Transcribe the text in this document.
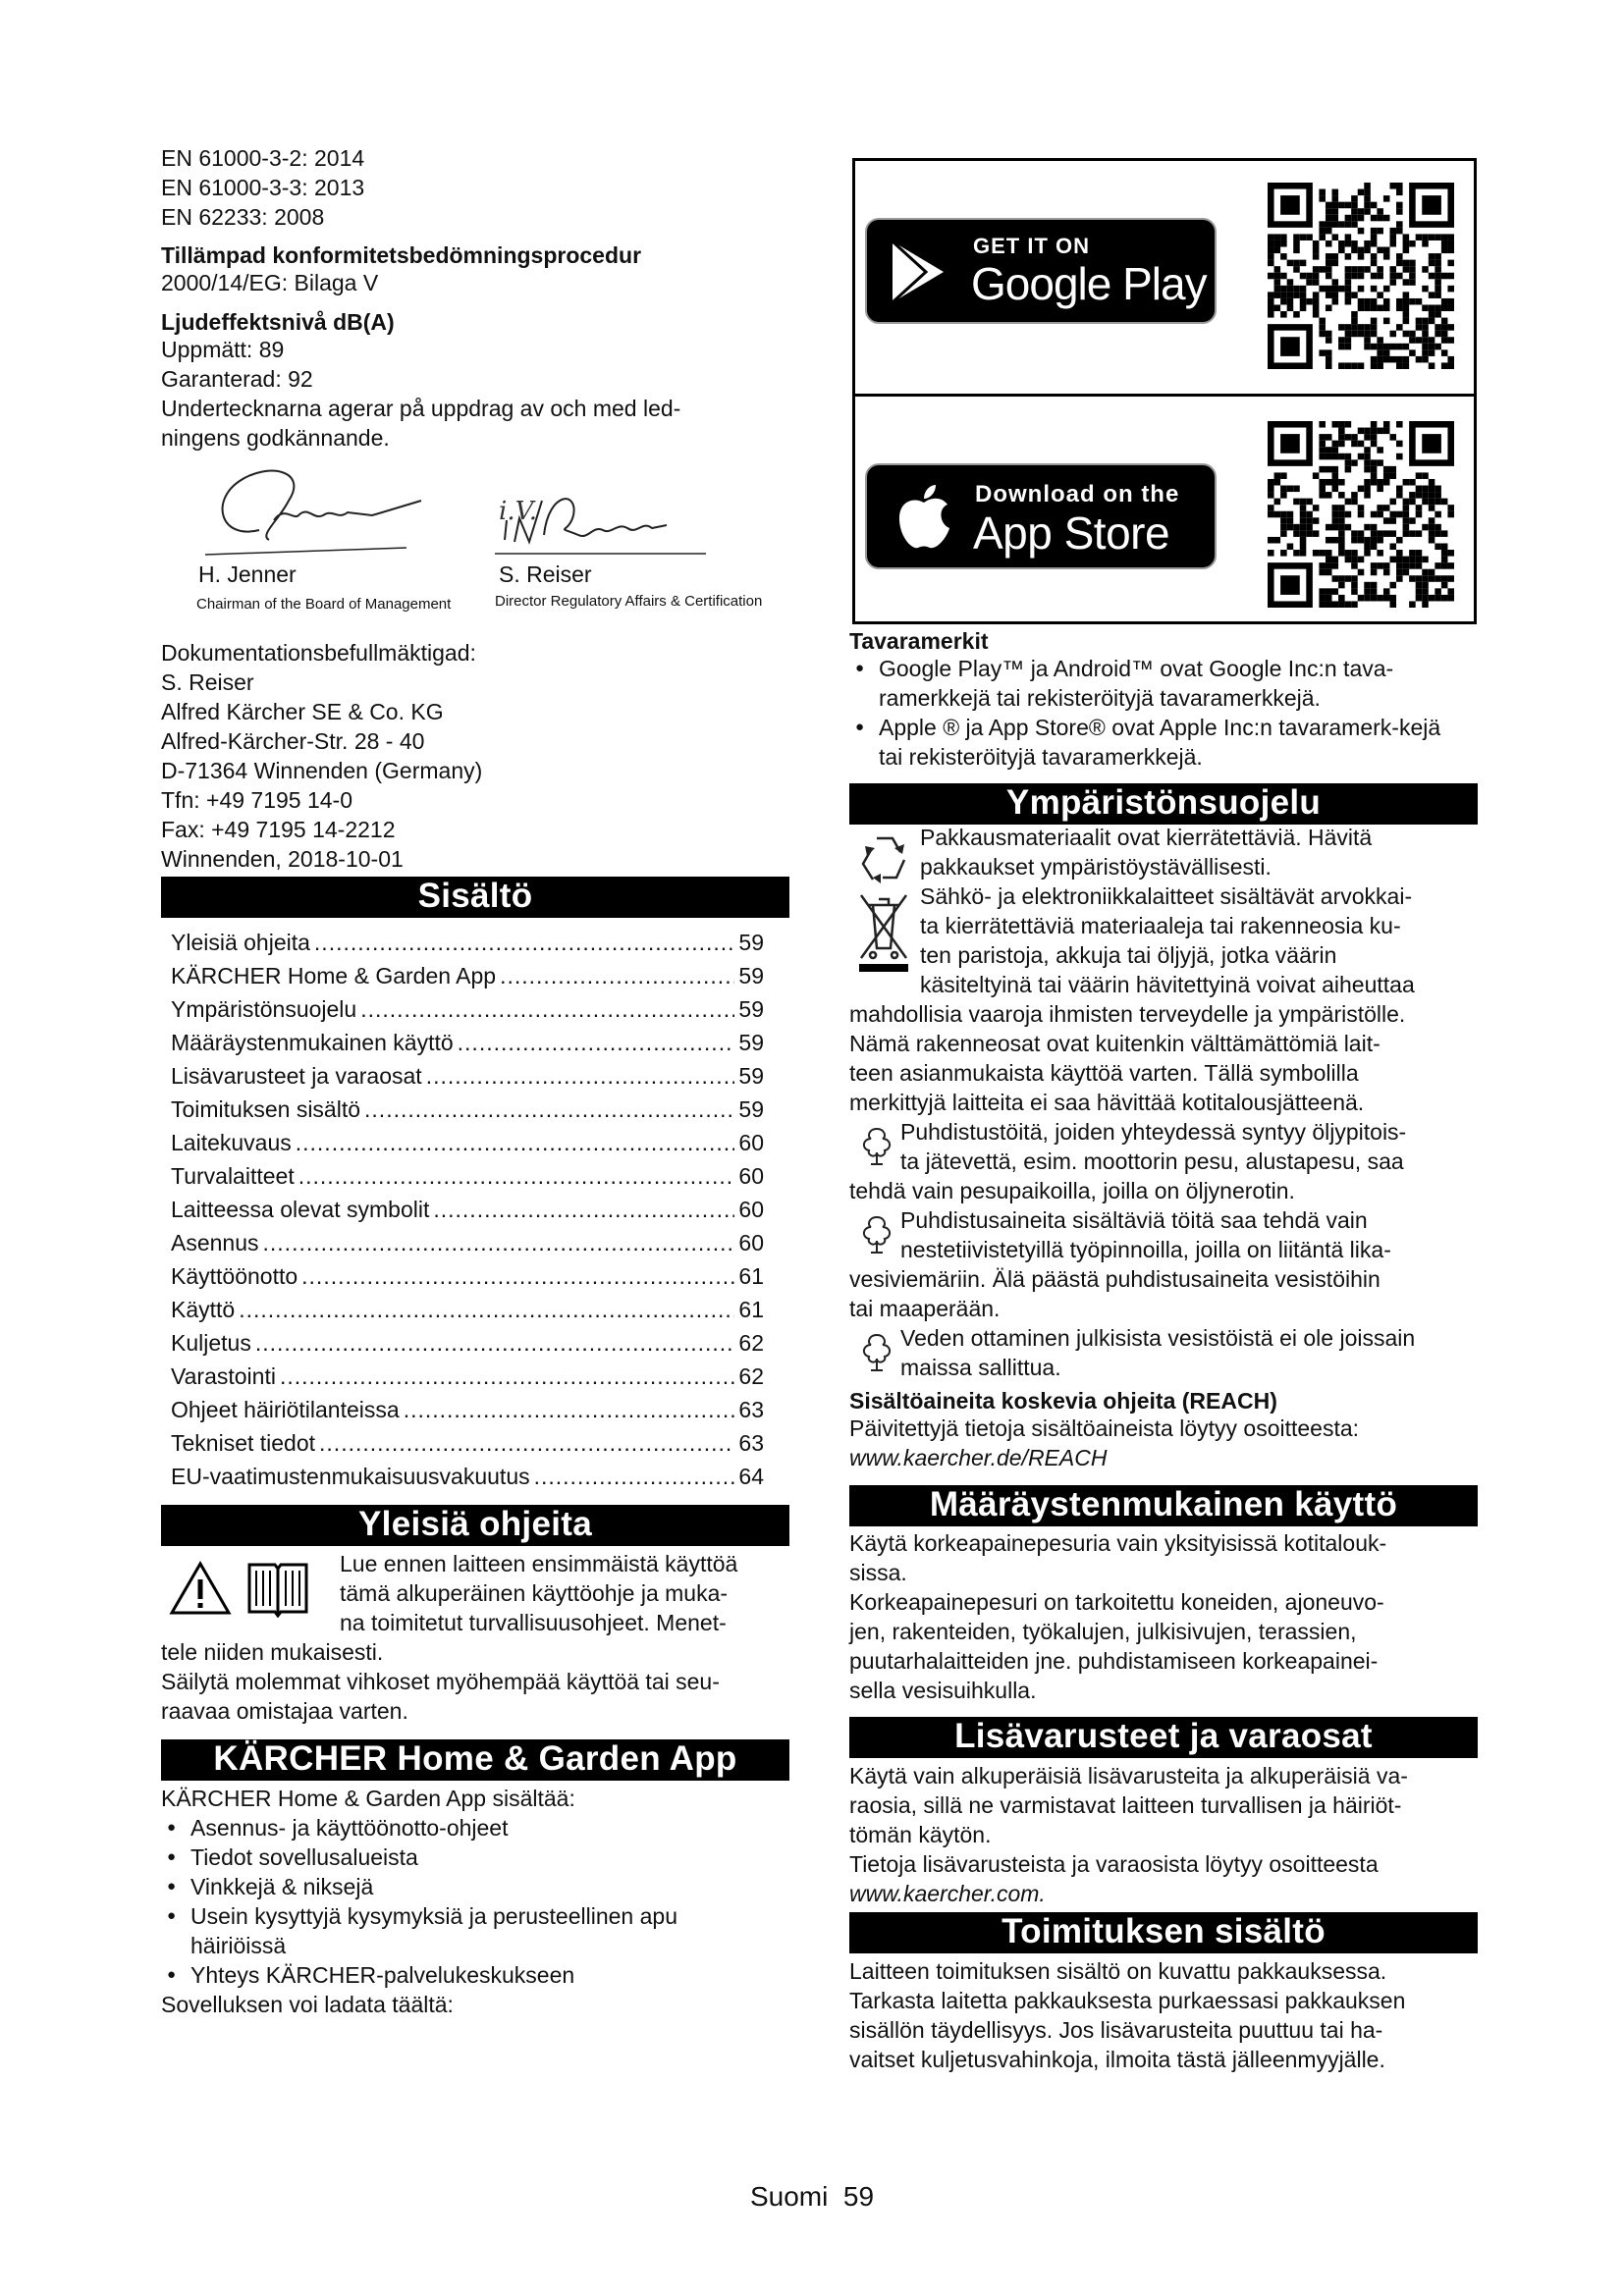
EN 61000-3-2: 2014

EN 61000-3-3: 2013

EN 62233: 2008

Tillämpad konformitetsbedömningsprocedur

2000/14/EG: Bilaga V

Ljudeffektsnivå dB(A)

Uppmätt: 89

Garanterad: 92

Undertecknarna agerar på uppdrag av och med led-

ningens godkännande.

H. Jenner

Chairman of the Board of Management

S. Reiser

Director Regulatory Affairs & Certification

i.V.

Dokumentationsbefullmäktigad:

S. Reiser

Alfred Kärcher SE & Co. KG

Alfred-Kärcher-Str. 28 - 40

D-71364 Winnenden (Germany)

Tfn: +49 7195 14-0

Fax: +49 7195 14-2212

Winnenden, 2018-10-01

Sisältö
Yleisiä ohjeita .....	59
KÄRCHER Home & Garden App .....	59
Ympäristönsuojelu .....	59
Määräystenmukainen käyttö .....	59
Lisävarusteet ja varaosat .....	59
Toimituksen sisältö .....	59
Laitekuvaus .....	60
Turvalaitteet .....	60
Laitteessa olevat symbolit .....	60
Asennus .....	60
Käyttöönotto .....	61
Käyttö .....	61
Kuljetus .....	62
Varastointi .....	62
Ohjeet häiriötilanteissa .....	63
Tekniset tiedot .....	63
EU-vaatimustenmukaisuusvakuutus .....	64
Yleisiä ohjeita

Lue ennen laitteen ensimmäistä käyttöä

tämä alkuperäinen käyttöohje ja muka-

na toimitetut turvallisuusohjeet. Menet-

tele niiden mukaisesti.

Säilytä molemmat vihkoset myöhempää käyttöä tai seu-

raavaa omistajaa varten.

KÄRCHER Home & Garden App

KÄRCHER Home & Garden App sisältää:

● Asennus- ja käyttöönotto-ohjeet
● Tiedot sovellusalueista
● Vinkkejä & niksejä
● Usein kysyttyjä kysymyksiä ja perusteellinen apu häiriöissä
● Yhteys KÄRCHER-palvelukeskukseen

Sovelluksen voi ladata täältä:

GET IT ON
Google Play
Download on the
App Store

Tavaramerkit

● Google Play™ ja Android™ ovat Google Inc:n tava-ramerkkejä tai rekisteröityjä tavaramerkkejä.
● Apple ® ja App Store® ovat Apple Inc:n tavaramerk-kejä tai rekisteröityjä tavaramerkkejä.
Ympäristönsuojelu

Pakkausmateriaalit ovat kierrätettäviä. Hävitä

pakkaukset ympäristöystävällisesti.

Sähkö- ja elektroniikkalaitteet sisältävät arvokkai-

ta kierrätettäviä materiaaleja tai rakenneosia ku-

ten paristoja, akkuja tai öljyjä, jotka väärin

käsiteltyinä tai väärin hävitettyinä voivat aiheuttaa

mahdollisia vaaroja ihmisten terveydelle ja ympäristölle.

Nämä rakenneosat ovat kuitenkin välttämättömiä lait-

teen asianmukaista käyttöä varten. Tällä symbolilla

merkittyjä laitteita ei saa hävittää kotitalousjätteenä.

Puhdistustöitä, joiden yhteydessä syntyy öljypitois-

ta jätevettä, esim. moottorin pesu, alustapesu, saa

tehdä vain pesupaikoilla, joilla on öljynerotin.

Puhdistusaineita sisältäviä töitä saa tehdä vain

nestetiivistetyillä työpinnoilla, joilla on liitäntä lika-

vesiviemäriin. Älä päästä puhdistusaineita vesistöihin

tai maaperään.

Veden ottaminen julkisista vesistöistä ei ole joissain

maissa sallittua.

Sisältöaineita koskevia ohjeita (REACH)

Päivitettyjä tietoja sisältöaineista löytyy osoitteesta:

www.kaercher.de/REACH

Määräystenmukainen käyttö

Käytä korkeapainepesuria vain yksityisissä kotitalouk-

sissa.

Korkeapainepesuri on tarkoitettu koneiden, ajoneuvo-

jen, rakenteiden, työkalujen, julkisivujen, terassien,

puutarhalaitteiden jne. puhdistamiseen korkeapainei-

sella vesisuihkulla.

Lisävarusteet ja varaosat

Käytä vain alkuperäisiä lisävarusteita ja alkuperäisiä va-

raosia, sillä ne varmistavat laitteen turvallisen ja häiriöt-

tömän käytön.

Tietoja lisävarusteista ja varaosista löytyy osoitteesta

www.kaercher.com.

Toimituksen sisältö

Laitteen toimituksen sisältö on kuvattu pakkauksessa.

Tarkasta laitetta pakkauksesta purkaessasi pakkauksen

sisällön täydellisyys. Jos lisävarusteita puuttuu tai ha-

vaitset kuljetusvahinkoja, ilmoita tästä jälleenmyyjälle.

Suomi 59
